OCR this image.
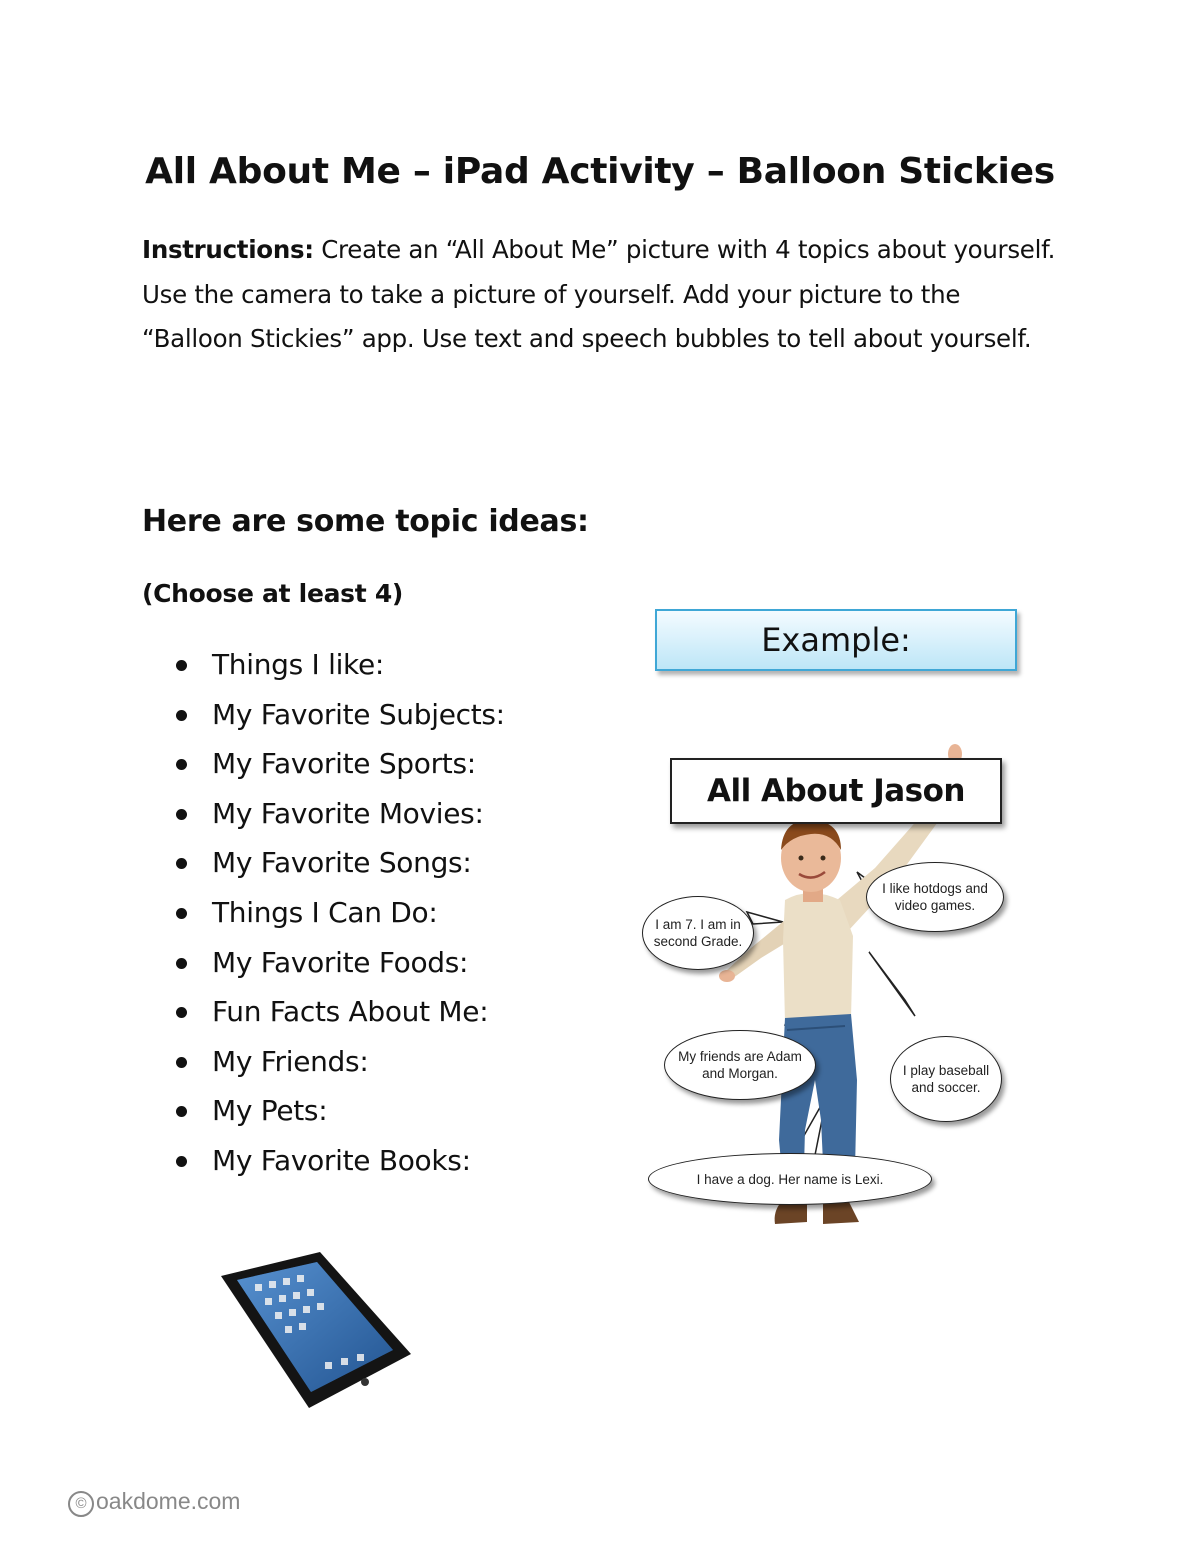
All About Me – iPad Activity – Balloon Stickies

Instructions: Create an “All About Me” picture with 4 topics about yourself. Use the camera to take a picture of yourself. Add your picture to the “Balloon Stickies” app. Use text and speech bubbles to tell about yourself.

Here are some topic ideas:

(Choose at least 4)

Things I like:
My Favorite Subjects:
My Favorite Sports:
My Favorite Movies:
My Favorite Songs:
Things I Can Do:
My Favorite Foods:
Fun Facts About Me:
My Friends:
My Pets:
My Favorite Books:
Example:
All About Jason
I like hotdogs and video games.
I am 7. I am in second Grade.
My friends are Adam and Morgan.	I play baseball and soccer.
I have a dog. Her name is Lexi.
© oakdome.com
